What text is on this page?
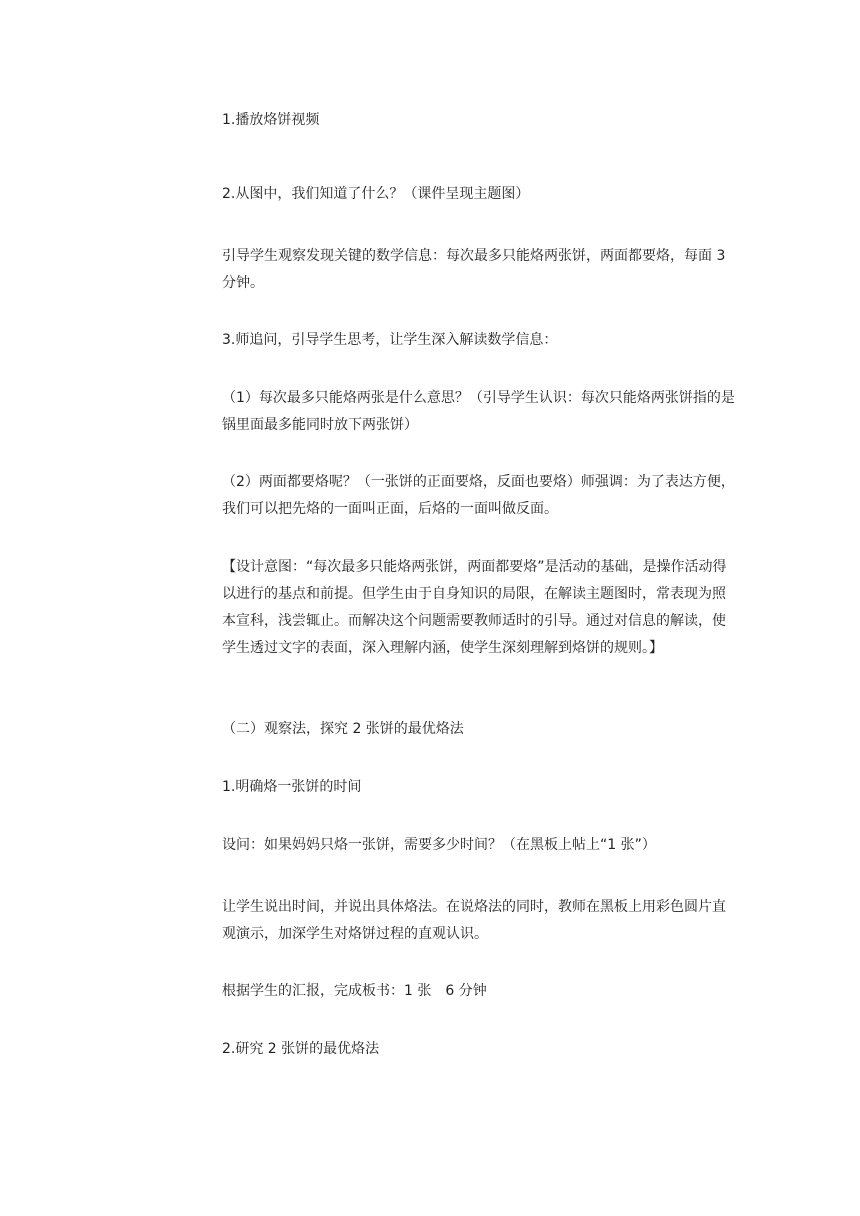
1.播放烙饼视频

2.从图中，我们知道了什么？（课件呈现主题图）

引导学生观察发现关键的数学信息：每次最多只能烙两张饼，两面都要烙，每面 3 分钟。

3.师追问，引导学生思考，让学生深入解读数学信息：

（1）每次最多只能烙两张是什么意思？（引导学生认识：每次只能烙两张饼指的是锅里面最多能同时放下两张饼）

（2）两面都要烙呢？（一张饼的正面要烙，反面也要烙）师强调：为了表达方便，我们可以把先烙的一面叫正面，后烙的一面叫做反面。

【设计意图：“每次最多只能烙两张饼，两面都要烙”是活动的基础，是操作活动得以进行的基点和前提。但学生由于自身知识的局限，在解读主题图时，常表现为照本宣科，浅尝辄止。而解决这个问题需要教师适时的引导。通过对信息的解读，使学生透过文字的表面，深入理解内涵，使学生深刻理解到烙饼的规则。】

（二）观察法，探究 2 张饼的最优烙法

1.明确烙一张饼的时间

设问：如果妈妈只烙一张饼，需要多少时间？（在黑板上帖上“1 张”）

让学生说出时间，并说出具体烙法。在说烙法的同时，教师在黑板上用彩色圆片直观演示，加深学生对烙饼过程的直观认识。

根据学生的汇报，完成板书：1 张　6 分钟

2.研究 2 张饼的最优烙法
